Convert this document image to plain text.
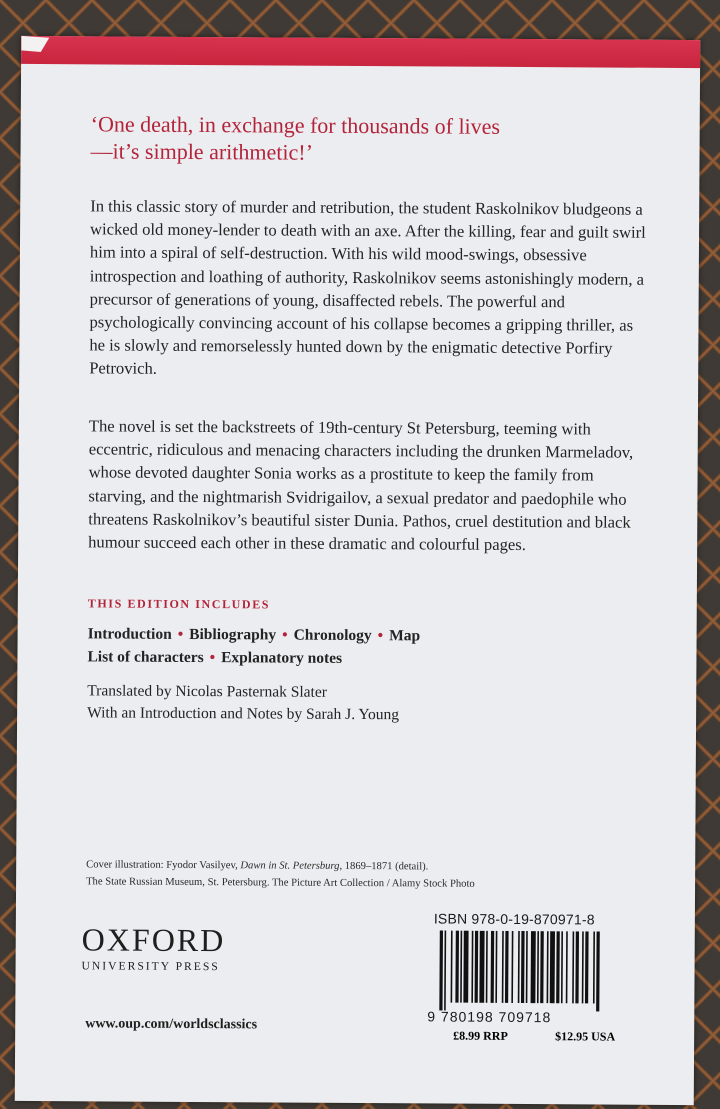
‘One death, in exchange for thousands of lives—it’s simple arithmetic!’

In this classic story of murder and retribution, the student Raskolnikov bludgeons a wicked old money-lender to death with an axe. After the killing, fear and guilt swirl him into a spiral of self-destruction. With his wild mood-swings, obsessive introspection and loathing of authority, Raskolnikov seems astonishingly modern, a precursor of generations of young, disaffected rebels. The powerful and psychologically convincing account of his collapse becomes a gripping thriller, as he is slowly and remorselessly hunted down by the enigmatic detective Porfiry Petrovich.

The novel is set the backstreets of 19th-century St Petersburg, teeming with eccentric, ridiculous and menacing characters including the drunken Marmeladov, whose devoted daughter Sonia works as a prostitute to keep the family from starving, and the nightmarish Svidrigailov, a sexual predator and paedophile who threatens Raskolnikov’s beautiful sister Dunia. Pathos, cruel destitution and black humour succeed each other in these dramatic and colourful pages.

THIS EDITION INCLUDES

Introduction • Bibliography • Chronology • Map
List of characters • Explanatory notes
Translated by Nicolas Pasternak Slater
With an Introduction and Notes by Sarah J. Young
Cover illustration: Fyodor Vasilyev, Dawn in St. Petersburg, 1869–1871 (detail).
The State Russian Museum, St. Petersburg. The Picture Art Collection / Alamy Stock Photo
OXFORD
UNIVERSITY PRESS
www.oup.com/worldsclassics
ISBN 978-0-19-870971-8
9 780198 709718
£8.99 RRP	$12.95 USA
